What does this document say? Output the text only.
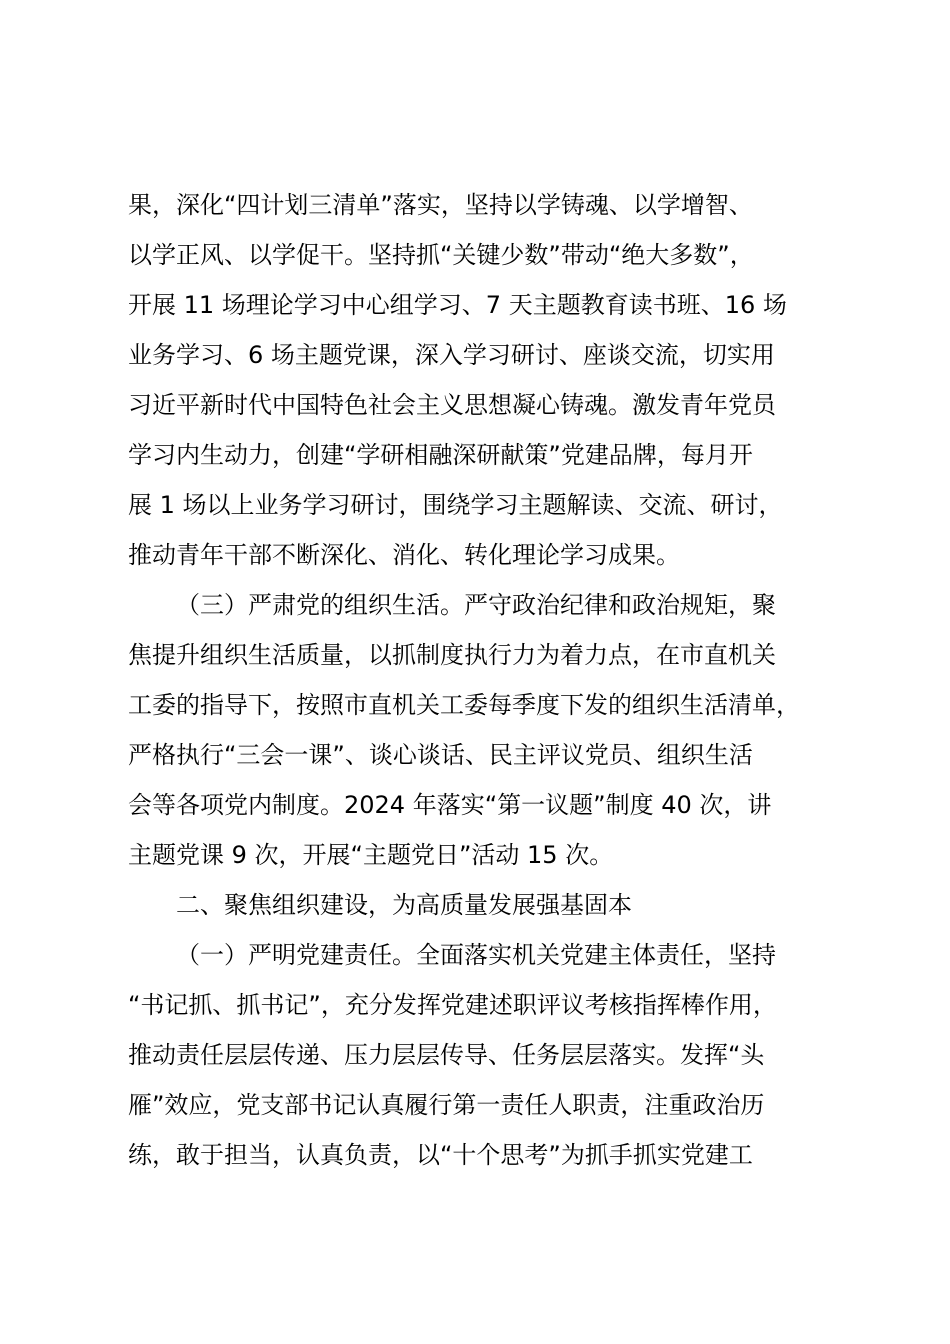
果，深化“四计划三清单”落实，坚持以学铸魂、以学增智、
以学正风、以学促干。坚持抓“关键少数”带动“绝大多数”，
开展 11 场理论学习中心组学习、7 天主题教育读书班、16 场
业务学习、6 场主题党课，深入学习研讨、座谈交流，切实用
习近平新时代中国特色社会主义思想凝心铸魂。激发青年党员
学习内生动力，创建“学研相融深研献策”党建品牌，每月开
展 1 场以上业务学习研讨，围绕学习主题解读、交流、研讨，
推动青年干部不断深化、消化、转化理论学习成果。
（三）严肃党的组织生活。严守政治纪律和政治规矩，聚
焦提升组织生活质量，以抓制度执行力为着力点，在市直机关
工委的指导下，按照市直机关工委每季度下发的组织生活清单，
严格执行“三会一课”、谈心谈话、民主评议党员、组织生活
会等各项党内制度。2024 年落实“第一议题”制度 40 次，讲
主题党课 9 次，开展“主题党日”活动 15 次。
二、聚焦组织建设，为高质量发展强基固本
（一）严明党建责任。全面落实机关党建主体责任，坚持
“书记抓、抓书记”，充分发挥党建述职评议考核指挥棒作用，
推动责任层层传递、压力层层传导、任务层层落实。发挥“头
雁”效应，党支部书记认真履行第一责任人职责，注重政治历
练，敢于担当，认真负责，以“十个思考”为抓手抓实党建工
